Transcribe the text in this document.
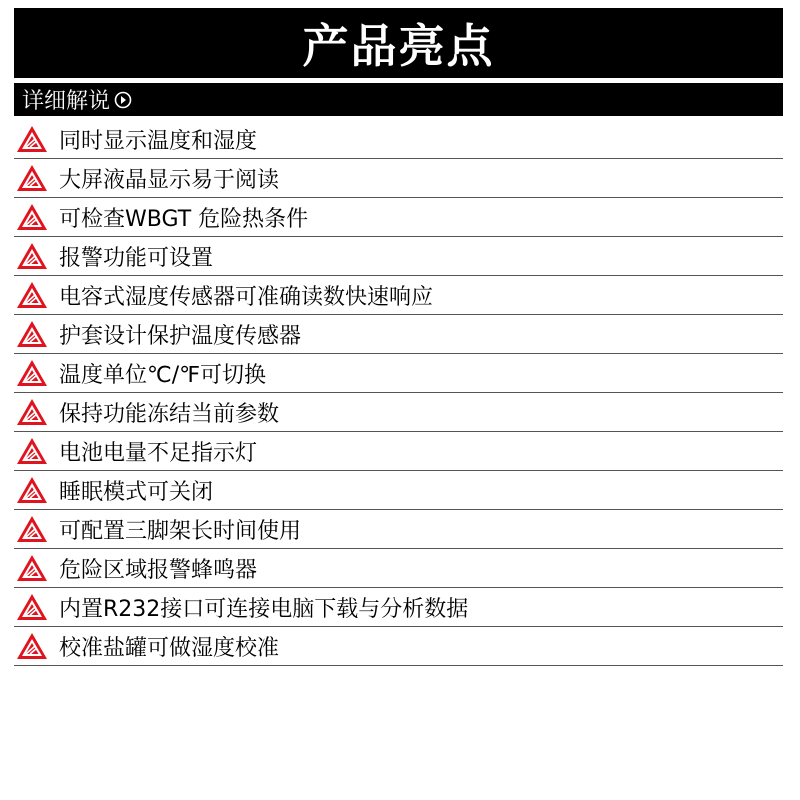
产品亮点
详细解说
同时显示温度和湿度
大屏液晶显示易于阅读
可检查WBGT 危险热条件
报警功能可设置
电容式湿度传感器可准确读数快速响应
护套设计保护温度传感器
温度单位℃/℉可切换
保持功能冻结当前参数
电池电量不足指示灯
睡眠模式可关闭
可配置三脚架长时间使用
危险区域报警蜂鸣器
内置R232接口可连接电脑下载与分析数据
校准盐罐可做湿度校准
